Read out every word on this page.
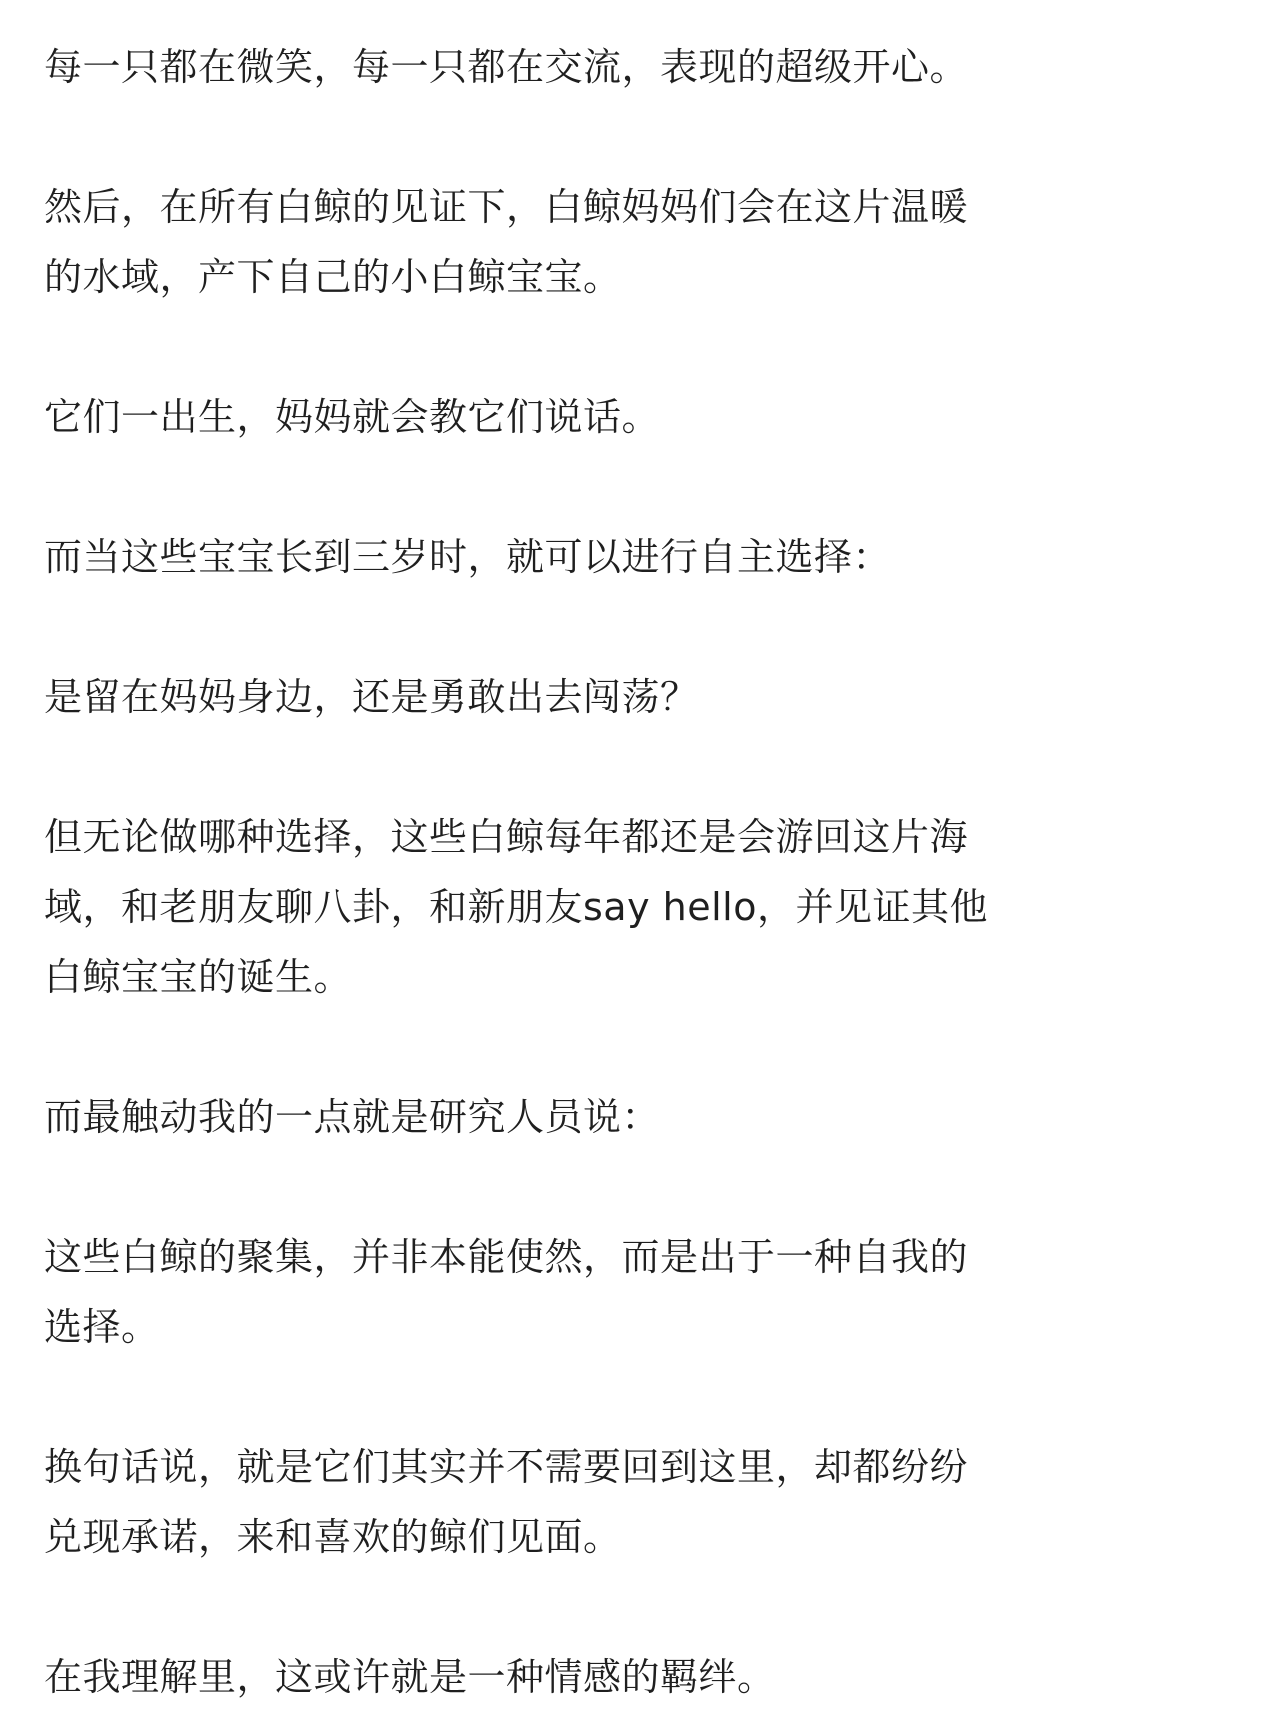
每一只都在微笑，每一只都在交流，表现的超级开心。

然后，在所有白鲸的见证下，白鲸妈妈们会在这片温暖
的水域，产下自己的小白鲸宝宝。

它们一出生，妈妈就会教它们说话。

而当这些宝宝长到三岁时，就可以进行自主选择：

是留在妈妈身边，还是勇敢出去闯荡？

但无论做哪种选择，这些白鲸每年都还是会游回这片海
域，和老朋友聊八卦，和新朋友say hello，并见证其他
白鲸宝宝的诞生。

而最触动我的一点就是研究人员说：

这些白鲸的聚集，并非本能使然，而是出于一种自我的
选择。

换句话说，就是它们其实并不需要回到这里，却都纷纷
兑现承诺，来和喜欢的鲸们见面。

在我理解里，这或许就是一种情感的羁绊。
